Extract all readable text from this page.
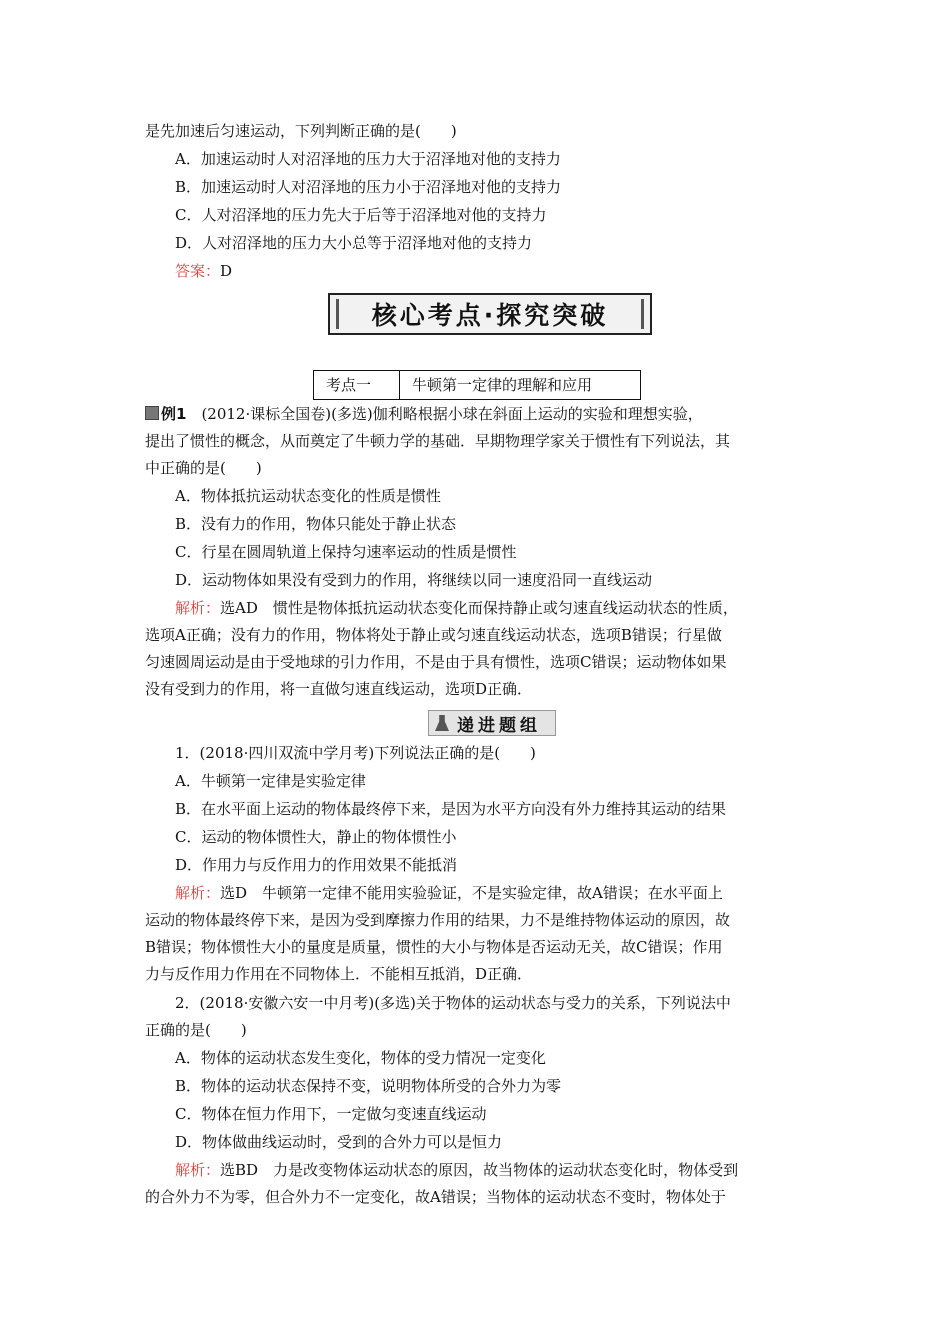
是先加速后匀速运动，下列判断正确的是(　　)
A．加速运动时人对沼泽地的压力大于沼泽地对他的支持力
B．加速运动时人对沼泽地的压力小于沼泽地对他的支持力
C．人对沼泽地的压力先大于后等于沼泽地对他的支持力
D．人对沼泽地的压力大小总等于沼泽地对他的支持力
答案：D
核心考点·探究突破
考点一	牛顿第一定律的理解和应用
例1　(2012·课标全国卷)(多选)伽利略根据小球在斜面上运动的实验和理想实验，
提出了惯性的概念，从而奠定了牛顿力学的基础．早期物理学家关于惯性有下列说法，其
中正确的是(　　)
A．物体抵抗运动状态变化的性质是惯性
B．没有力的作用，物体只能处于静止状态
C．行星在圆周轨道上保持匀速率运动的性质是惯性
D．运动物体如果没有受到力的作用，将继续以同一速度沿同一直线运动
解析：选AD　惯性是物体抵抗运动状态变化而保持静止或匀速直线运动状态的性质，
选项A正确；没有力的作用，物体将处于静止或匀速直线运动状态，选项B错误；行星做
匀速圆周运动是由于受地球的引力作用，不是由于具有惯性，选项C错误；运动物体如果
没有受到力的作用，将一直做匀速直线运动，选项D正确．
递进题组
1．(2018·四川双流中学月考)下列说法正确的是(　　)
A．牛顿第一定律是实验定律
B．在水平面上运动的物体最终停下来，是因为水平方向没有外力维持其运动的结果
C．运动的物体惯性大，静止的物体惯性小
D．作用力与反作用力的作用效果不能抵消
解析：选D　牛顿第一定律不能用实验验证，不是实验定律，故A错误；在水平面上
运动的物体最终停下来，是因为受到摩擦力作用的结果，力不是维持物体运动的原因，故
B错误；物体惯性大小的量度是质量，惯性的大小与物体是否运动无关，故C错误；作用
力与反作用力作用在不同物体上．不能相互抵消，D正确．
2．(2018·安徽六安一中月考)(多选)关于物体的运动状态与受力的关系，下列说法中
正确的是(　　)
A．物体的运动状态发生变化，物体的受力情况一定变化
B．物体的运动状态保持不变，说明物体所受的合外力为零
C．物体在恒力作用下，一定做匀变速直线运动
D．物体做曲线运动时，受到的合外力可以是恒力
解析：选BD　力是改变物体运动状态的原因，故当物体的运动状态变化时，物体受到
的合外力不为零，但合外力不一定变化，故A错误；当物体的运动状态不变时，物体处于
